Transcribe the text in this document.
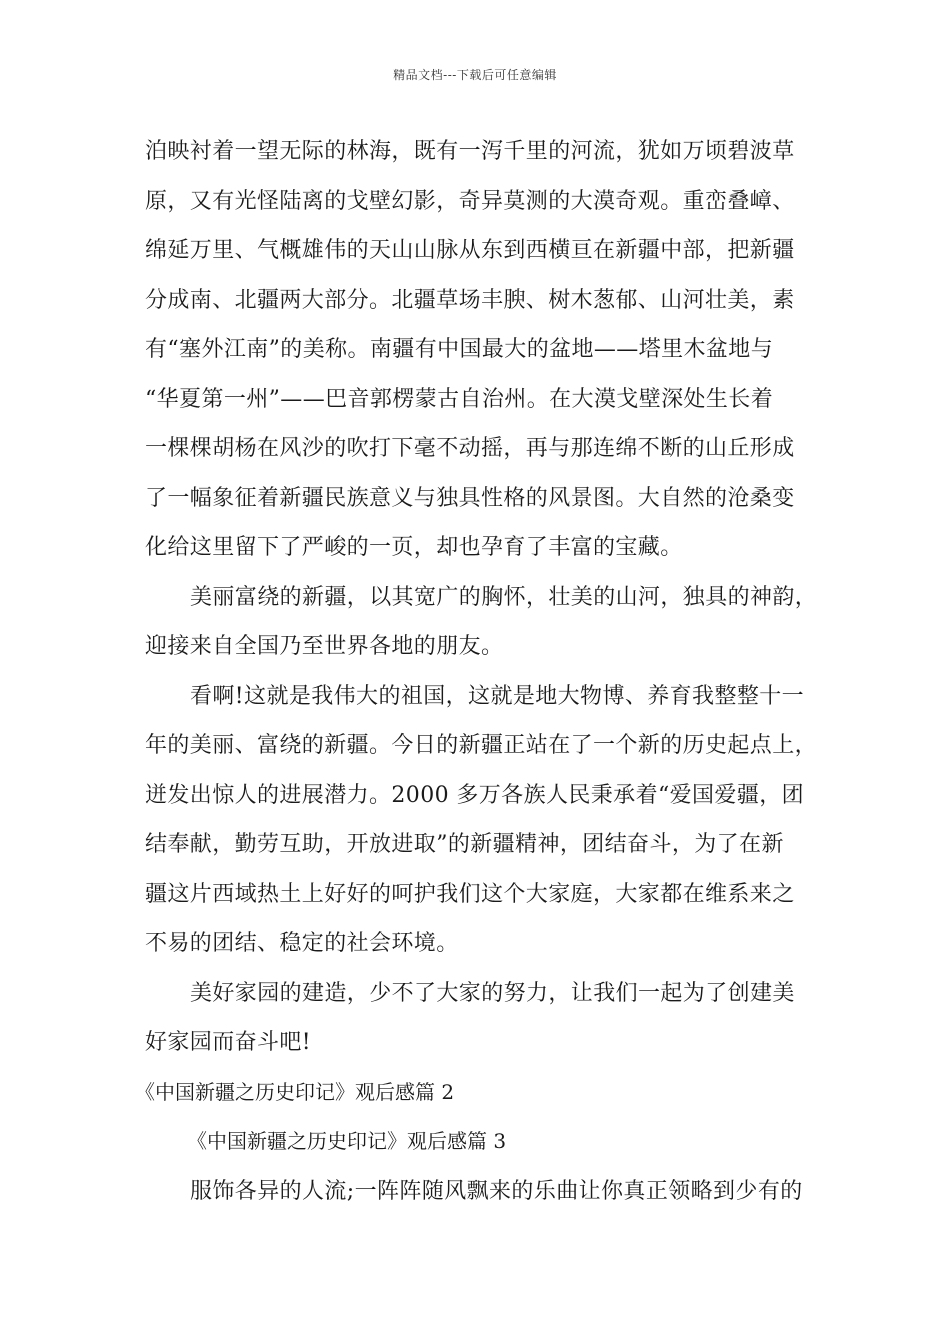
精品文档---下载后可任意编辑
泊映衬着一望无际的林海，既有一泻千里的河流，犹如万顷碧波草
原，又有光怪陆离的戈壁幻影，奇异莫测的大漠奇观。重峦叠嶂、
绵延万里、气概雄伟的天山山脉从东到西横亘在新疆中部，把新疆
分成南、北疆两大部分。北疆草场丰腴、树木葱郁、山河壮美，素
有“塞外江南”的美称。南疆有中国最大的盆地——塔里木盆地与
“华夏第一州”——巴音郭楞蒙古自治州。在大漠戈壁深处生长着
一棵棵胡杨在风沙的吹打下毫不动摇，再与那连绵不断的山丘形成
了一幅象征着新疆民族意义与独具性格的风景图。大自然的沧桑变
化给这里留下了严峻的一页，却也孕育了丰富的宝藏。
美丽富绕的新疆，以其宽广的胸怀，壮美的山河，独具的神韵，
迎接来自全国乃至世界各地的朋友。
看啊!这就是我伟大的祖国，这就是地大物博、养育我整整十一
年的美丽、富绕的新疆。今日的新疆正站在了一个新的历史起点上，
迸发出惊人的进展潜力。2000 多万各族人民秉承着“爱国爱疆，团
结奉献，勤劳互助，开放进取”的新疆精神，团结奋斗，为了在新
疆这片西域热土上好好的呵护我们这个大家庭，大家都在维系来之
不易的团结、稳定的社会环境。
美好家园的建造，少不了大家的努力，让我们一起为了创建美
好家园而奋斗吧!
《中国新疆之历史印记》观后感篇 2
《中国新疆之历史印记》观后感篇 3
服饰各异的人流;一阵阵随风飘来的乐曲让你真正领略到少有的
